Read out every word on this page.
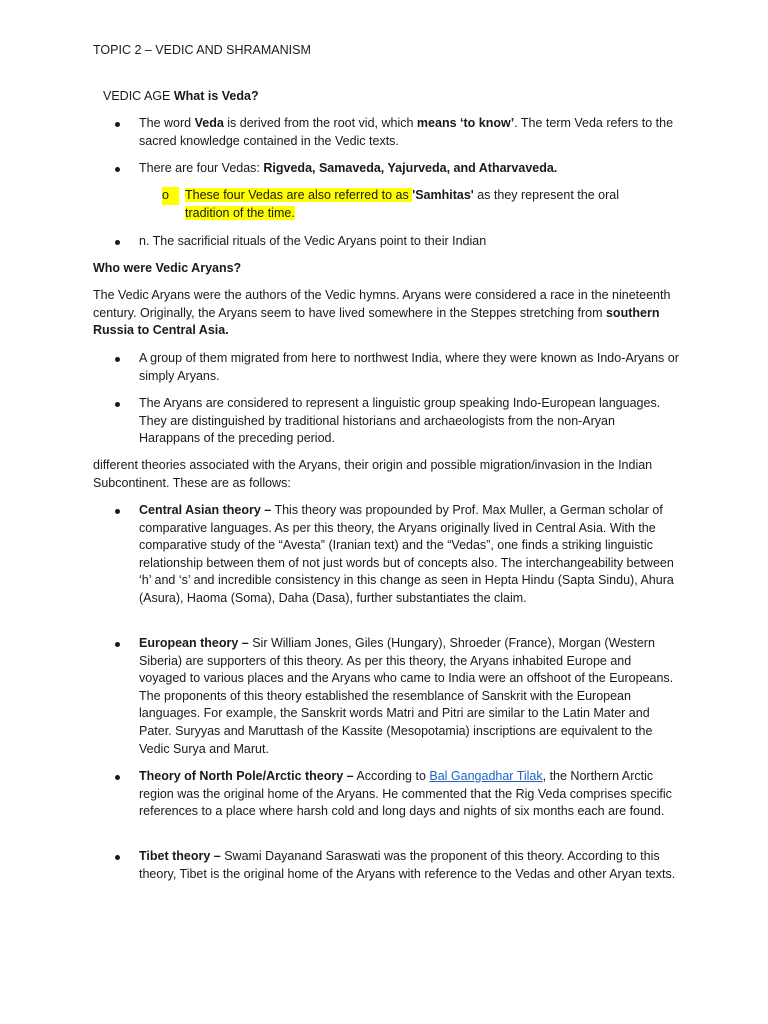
TOPIC 2 – VEDIC AND SHRAMANISM

VEDIC AGE What is Veda?

The word Veda is derived from the root vid, which means ‘to know’. The term Veda refers to the sacred knowledge contained in the Vedic texts.

There are four Vedas: Rigveda, Samaveda, Yajurveda, and Atharvaveda.

o	These four Vedas are also referred to as 'Samhitas' as they represent the oral
tradition of the time.

n. The sacrificial rituals of the Vedic Aryans point to their Indian

Who were Vedic Aryans?

The Vedic Aryans were the authors of the Vedic hymns. Aryans were considered a race in the nineteenth century. Originally, the Aryans seem to have lived somewhere in the Steppes stretching from southern Russia to Central Asia.

A group of them migrated from here to northwest India, where they were known as Indo-Aryans or simply Aryans.

The Aryans are considered to represent a linguistic group speaking Indo-European languages. They are distinguished by traditional historians and archaeologists from the non-Aryan Harappans of the preceding period.

different theories associated with the Aryans, their origin and possible migration/invasion in the Indian Subcontinent. These are as follows:

Central Asian theory – This theory was propounded by Prof. Max Muller, a German scholar of comparative languages. As per this theory, the Aryans originally lived in Central Asia. With the comparative study of the “Avesta” (Iranian text) and the “Vedas”, one finds a striking linguistic relationship between them of not just words but of concepts also. The interchangeability between ‘h’ and ‘s’ and incredible consistency in this change as seen in Hepta Hindu (Sapta Sindu), Ahura (Asura), Haoma (Soma), Daha (Dasa), further substantiates the claim.

European theory – Sir William Jones, Giles (Hungary), Shroeder (France), Morgan (Western Siberia) are supporters of this theory. As per this theory, the Aryans inhabited Europe and voyaged to various places and the Aryans who came to India were an offshoot of the Europeans. The proponents of this theory established the resemblance of Sanskrit with the European languages. For example, the Sanskrit words Matri and Pitri are similar to the Latin Mater and Pater. Suryyas and Maruttash of the Kassite (Mesopotamia) inscriptions are equivalent to the Vedic Surya and Marut.

Theory of North Pole/Arctic theory – According to Bal Gangadhar Tilak, the Northern Arctic region was the original home of the Aryans. He commented that the Rig Veda comprises specific references to a place where harsh cold and long days and nights of six months each are found.

Tibet theory – Swami Dayanand Saraswati was the proponent of this theory. According to this theory, Tibet is the original home of the Aryans with reference to the Vedas and other Aryan texts.
